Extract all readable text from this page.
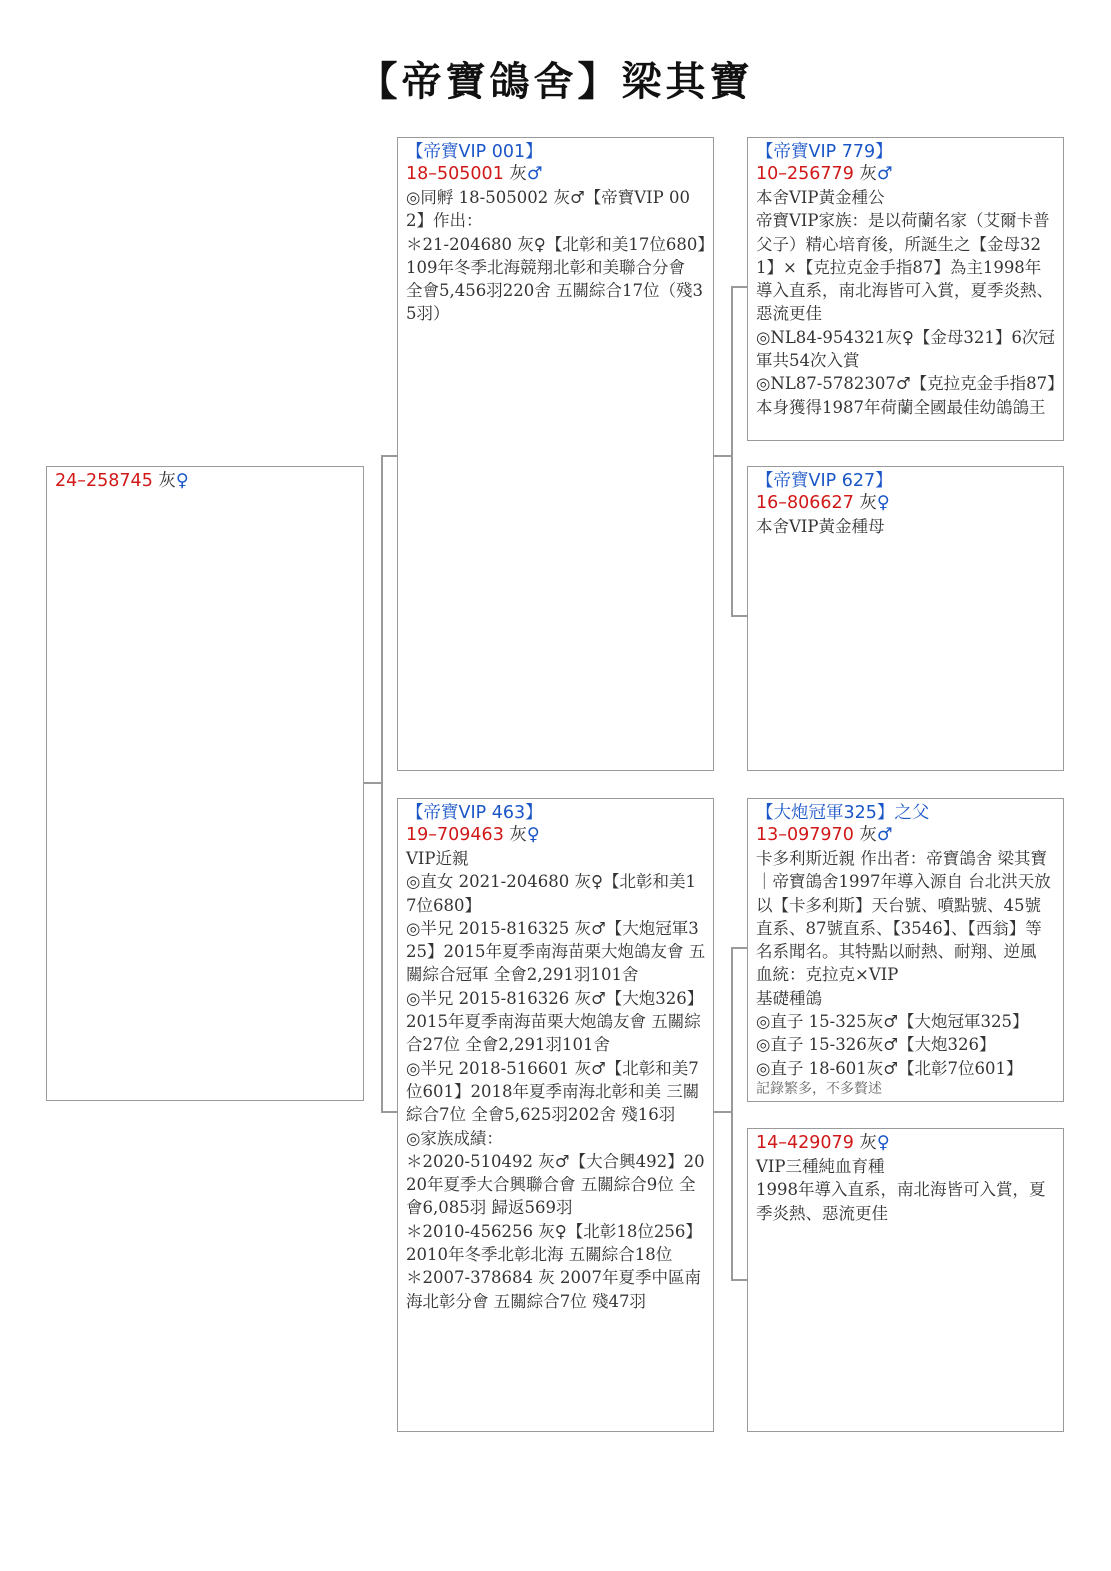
【帝寶鴿舍】梁其寶
24–258745 灰♀
【帝寶VIP 001】
18–505001 灰♂
◎同孵 18-505002 灰♂【帝寶VIP 002】作出：
＊21-204680 灰♀【北彰和美17位680】109年冬季北海競翔北彰和美聯合分會 全會5,456羽220舍 五關綜合17位（殘35羽）
【帝寶VIP 463】
19–709463 灰♀
VIP近親
◎直女 2021-204680 灰♀【北彰和美17位680】
◎半兄 2015-816325 灰♂【大炮冠軍325】2015年夏季南海苗栗大炮鴿友會 五關綜合冠軍 全會2,291羽101舍
◎半兄 2015-816326 灰♂【大炮326】2015年夏季南海苗栗大炮鴿友會 五關綜合27位 全會2,291羽101舍
◎半兄 2018-516601 灰♂【北彰和美7位601】2018年夏季南海北彰和美 三關綜合7位 全會5,625羽202舍 殘16羽
◎家族成績：
＊2020-510492 灰♂【大合興492】2020年夏季大合興聯合會 五關綜合9位 全會6,085羽 歸返569羽
＊2010-456256 灰♀【北彰18位256】2010年冬季北彰北海 五關綜合18位
＊2007-378684 灰 2007年夏季中區南海北彰分會 五關綜合7位 殘47羽
【帝寶VIP 779】
10–256779 灰♂
本舍VIP黃金種公
帝寶VIP家族：是以荷蘭名家（艾爾卡普父子）精心培育後，所誕生之【金母321】×【克拉克金手指87】為主1998年導入直系，南北海皆可入賞，夏季炎熱、惡流更佳
◎NL84-954321灰♀【金母321】6次冠軍共54次入賞
◎NL87-5782307♂【克拉克金手指87】本身獲得1987年荷蘭全國最佳幼鴿鴿王
【帝寶VIP 627】
16–806627 灰♀
本舍VIP黃金種母
【大炮冠軍325】之父
13–097970 灰♂
卡多利斯近親 作出者：帝寶鴿舍 梁其寶 ｜帝寶鴿舍1997年導入源自 台北洪天放 以【卡多利斯】天台號、噴點號、45號直系、87號直系、【3546】、【西翁】等名系聞名。其特點以耐熱、耐翔、逆風
血統：克拉克×VIP
基礎種鴿
◎直子 15-325灰♂【大炮冠軍325】
◎直子 15-326灰♂【大炮326】
◎直子 18-601灰♂【北彰7位601】
記錄繁多，不多贅述
14–429079 灰♀
VIP三種純血育種
1998年導入直系，南北海皆可入賞，夏季炎熱、惡流更佳
